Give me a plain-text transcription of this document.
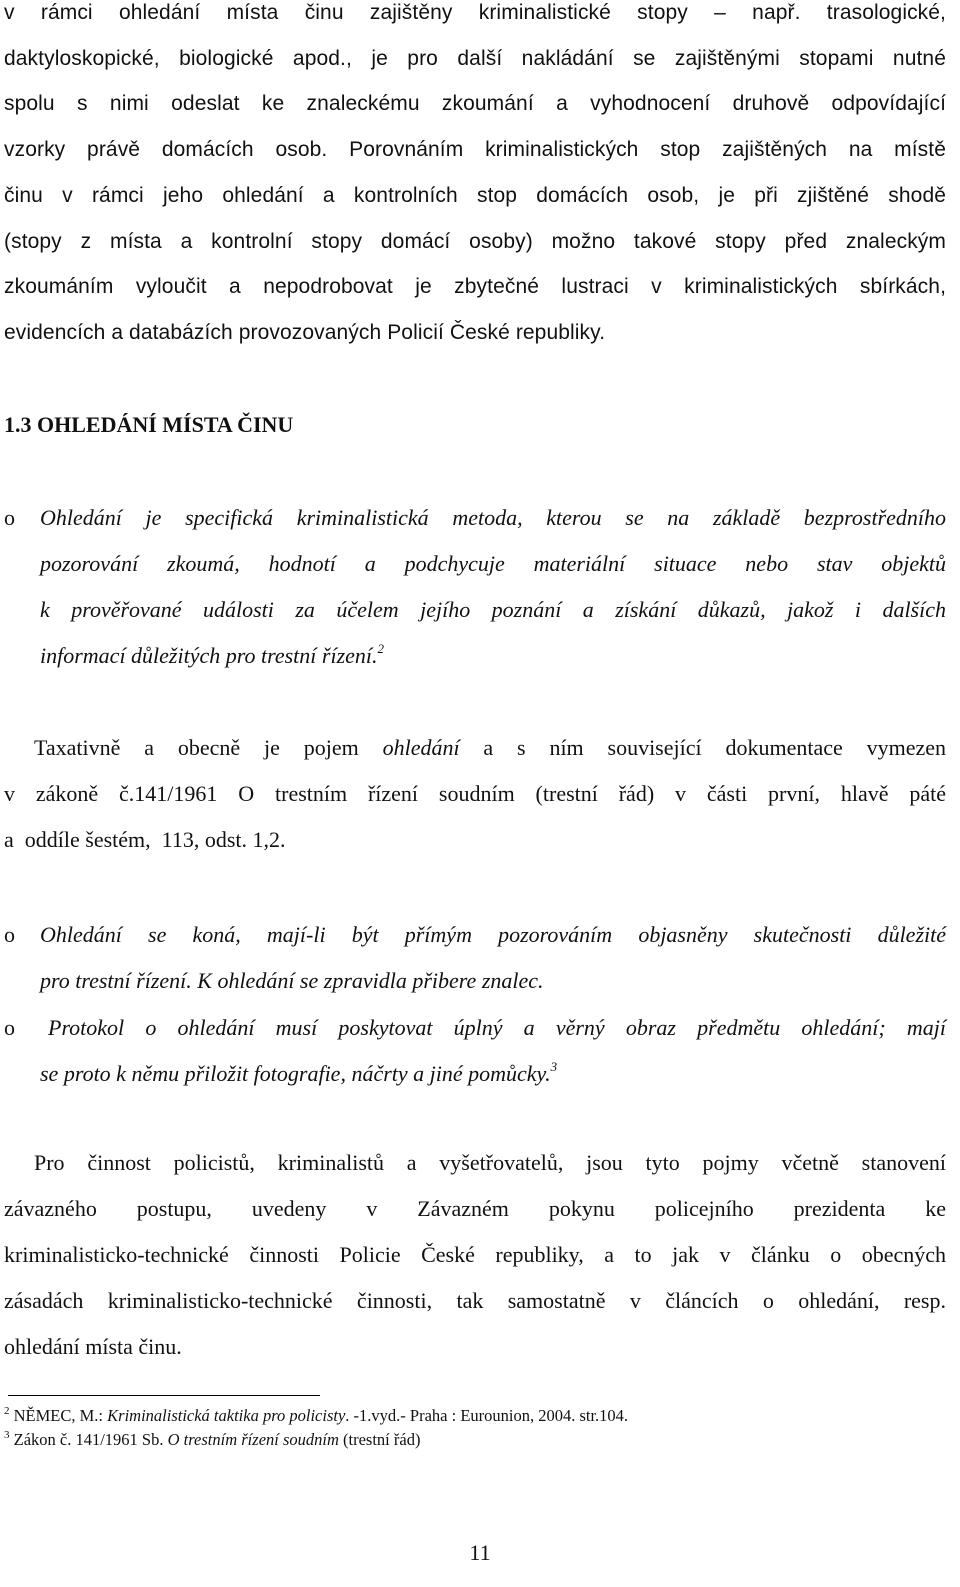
v rámci ohledání místa činu zajištěny kriminalistické stopy – např. trasologické,
daktyloskopické, biologické apod., je pro další nakládání se zajištěnými stopami nutné
spolu s nimi odeslat ke znaleckému zkoumání a vyhodnocení druhově odpovídající
vzorky právě domácích osob. Porovnáním kriminalistických stop zajištěných na místě
činu v rámci jeho ohledání a kontrolních stop domácích osob, je při zjištěné shodě
(stopy z místa a kontrolní stopy domácí osoby) možno takové stopy před znaleckým
zkoumáním vyloučit a nepodrobovat je zbytečné lustraci v kriminalistických sbírkách,
evidencích a databázích provozovaných Policií České republiky.
1.3 OHLEDÁNÍ MÍSTA ČINU
o Ohledání je specifická kriminalistická metoda, kterou se na základě bezprostředního
pozorování zkoumá, hodnotí a podchycuje materiální situace nebo stav objektů
k prověřované události za účelem jejího poznání a získání důkazů, jakož i dalších
informací důležitých pro trestní řízení.$^2$
Taxativně a obecně je pojem ohledání a s ním související dokumentace vymezen
v zákoně č.141/1961 O trestním řízení soudním (trestní řád) v části první, hlavě páté
a  oddíle šestém,  113, odst. 1,2.
o Ohledání se koná, mají-li být přímým pozorováním objasněny skutečnosti důležité
pro trestní řízení. K ohledání se zpravidla přibere znalec.
o	Protokol o ohledání musí poskytovat úplný a věrný obraz předmětu ohledání; mají
se proto k němu přiložit fotografie, náčrty a jiné pomůcky.$^3$
Pro činnost policistů, kriminalistů a vyšetřovatelů, jsou tyto pojmy včetně stanovení
závazného postupu, uvedeny v Závazném pokynu policejního prezidenta ke
kriminalisticko-technické činnosti Policie České republiky, a to jak v článku o obecných
zásadách kriminalisticko-technické činnosti, tak samostatně v článcích o ohledání, resp.
ohledání místa činu.
$^2$ NĚMEC, M.: Kriminalistická taktika pro policisty. -1.vyd.- Praha : Eurounion, 2004. str.104.
$^3$ Zákon č. 141/1961 Sb. O trestním řízení soudním (trestní řád)
11
